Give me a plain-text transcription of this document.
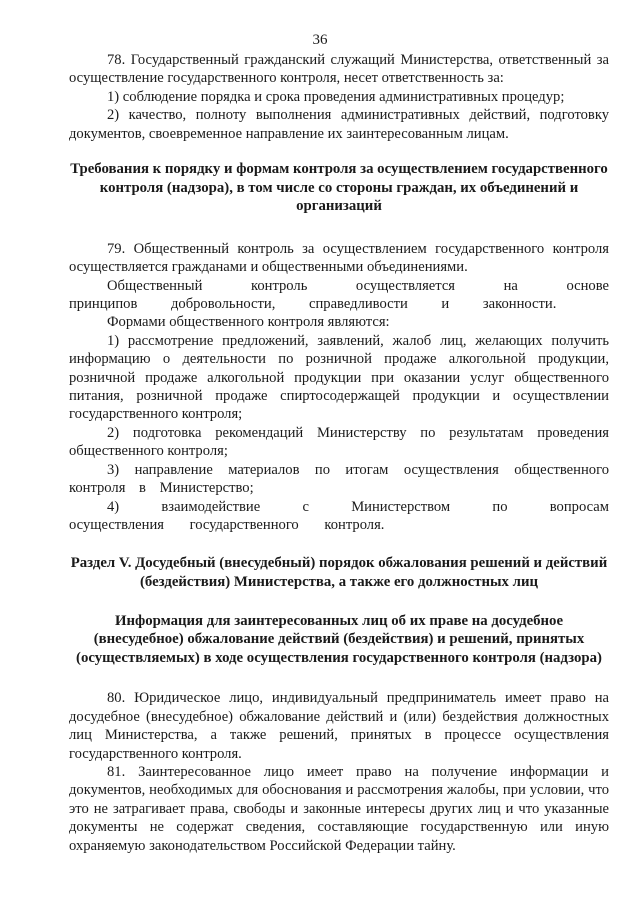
36

78. Государственный гражданский служащий Министерства, ответственный за осуществление государственного контроля, несет ответственность за:

1) соблюдение порядка и срока проведения административных процедур;

2) качество, полноту выполнения административных действий, подготовку документов, своевременное направление их заинтересованным лицам.

Требования к порядку и формам контроля за осуществлением государственного контроля (надзора), в том числе со стороны граждан, их объединений и организаций

79. Общественный контроль за осуществлением государственного контроля осуществляется гражданами и общественными объединениями.

Общественный контроль осуществляется на основе принципов добровольности, справедливости и законности.

Формами общественного контроля являются:

1) рассмотрение предложений, заявлений, жалоб лиц, желающих получить информацию о деятельности по розничной продаже алкогольной продукции, розничной продаже алкогольной продукции при оказании услуг общественного питания, розничной продаже спиртосодержащей продукции и осуществлении государственного контроля;

2) подготовка рекомендаций Министерству по результатам проведения общественного контроля;

3) направление материалов по итогам осуществления общественного контроля в Министерство;

4) взаимодействие с Министерством по вопросам осуществления государственного контроля.

Раздел V. Досудебный (внесудебный) порядок обжалования решений и действий (бездействия) Министерства, а также его должностных лиц
Информация для заинтересованных лиц об их праве на досудебное (внесудебное) обжалование действий (бездействия) и решений, принятых (осуществляемых) в ходе осуществления государственного контроля (надзора)

80. Юридическое лицо, индивидуальный предприниматель имеет право на досудебное (внесудебное) обжалование действий и (или) бездействия должностных лиц Министерства, а также решений, принятых в процессе осуществления государственного контроля.

81. Заинтересованное лицо имеет право на получение информации и документов, необходимых для обоснования и рассмотрения жалобы, при условии, что это не затрагивает права, свободы и законные интересы других лиц и что указанные документы не содержат сведения, составляющие государственную или иную охраняемую законодательством Российской Федерации тайну.
